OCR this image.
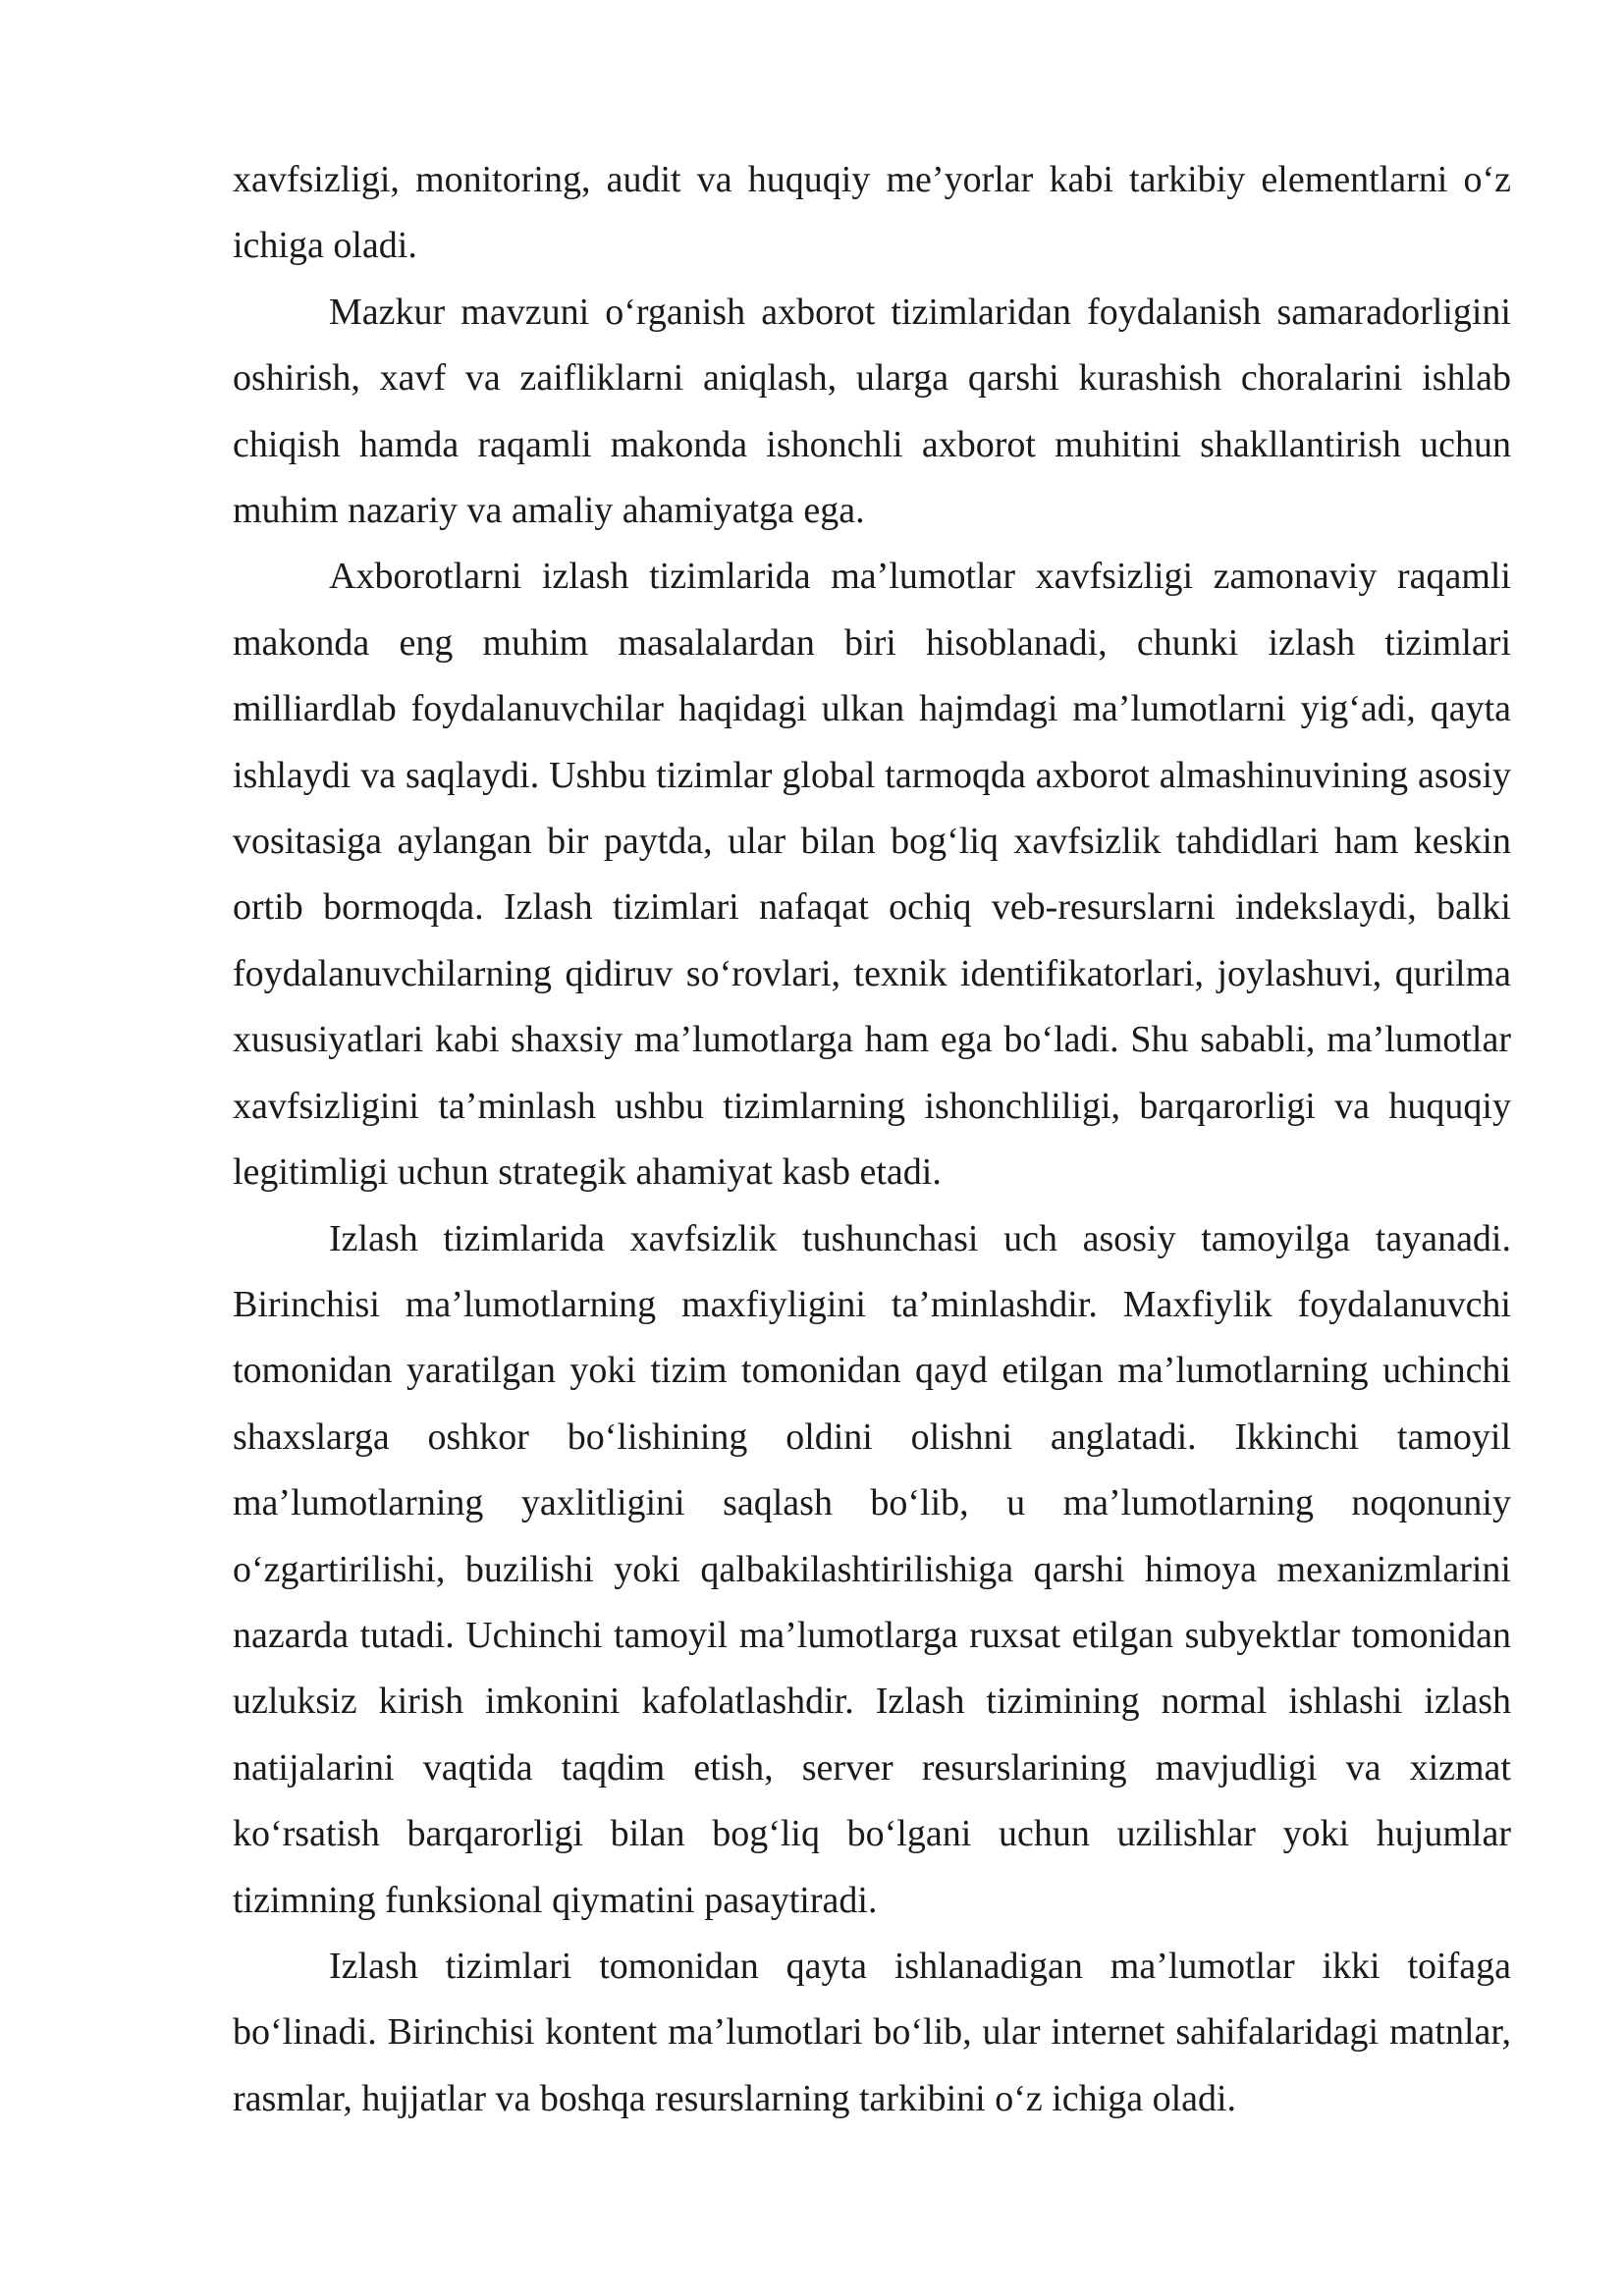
xavfsizligi, monitoring, audit va huquqiy me’yorlar kabi tarkibiy elementlarni o‘z ichiga oladi.

Mazkur mavzuni o‘rganish axborot tizimlaridan foydalanish samaradorligini oshirish, xavf va zaifliklarni aniqlash, ularga qarshi kurashish choralarini ishlab chiqish hamda raqamli makonda ishonchli axborot muhitini shakllantirish uchun muhim nazariy va amaliy ahamiyatga ega.

Axborotlarni izlash tizimlarida ma’lumotlar xavfsizligi zamonaviy raqamli makonda eng muhim masalalardan biri hisoblanadi, chunki izlash tizimlari milliardlab foydalanuvchilar haqidagi ulkan hajmdagi ma’lumotlarni yig‘adi, qayta ishlaydi va saqlaydi. Ushbu tizimlar global tarmoqda axborot almashinuvining asosiy vositasiga aylangan bir paytda, ular bilan bog‘liq xavfsizlik tahdidlari ham keskin ortib bormoqda. Izlash tizimlari nafaqat ochiq veb-resurslarni indekslaydi, balki foydalanuvchilarning qidiruv so‘rovlari, texnik identifikatorlari, joylashuvi, qurilma xususiyatlari kabi shaxsiy ma’lumotlarga ham ega bo‘ladi. Shu sababli, ma’lumotlar xavfsizligini ta’minlash ushbu tizimlarning ishonchliligi, barqarorligi va huquqiy legitimligi uchun strategik ahamiyat kasb etadi.

Izlash tizimlarida xavfsizlik tushunchasi uch asosiy tamoyilga tayanadi. Birinchisi ma’lumotlarning maxfiyligini ta’minlashdir. Maxfiylik foydalanuvchi tomonidan yaratilgan yoki tizim tomonidan qayd etilgan ma’lumotlarning uchinchi shaxslarga oshkor bo‘lishining oldini olishni anglatadi. Ikkinchi tamoyil ma’lumotlarning yaxlitligini saqlash bo‘lib, u ma’lumotlarning noqonuniy o‘zgartirilishi, buzilishi yoki qalbakilashtirilishiga qarshi himoya mexanizmlarini nazarda tutadi. Uchinchi tamoyil ma’lumotlarga ruxsat etilgan subyektlar tomonidan uzluksiz kirish imkonini kafolatlashdir. Izlash tizimining normal ishlashi izlash natijalarini vaqtida taqdim etish, server resurslarining mavjudligi va xizmat ko‘rsatish barqarorligi bilan bog‘liq bo‘lgani uchun uzilishlar yoki hujumlar tizimning funksional qiymatini pasaytiradi.

Izlash tizimlari tomonidan qayta ishlanadigan ma’lumotlar ikki toifaga bo‘linadi. Birinchisi kontent ma’lumotlari bo‘lib, ular internet sahifalaridagi matnlar, rasmlar, hujjatlar va boshqa resurslarning tarkibini o‘z ichiga oladi.
